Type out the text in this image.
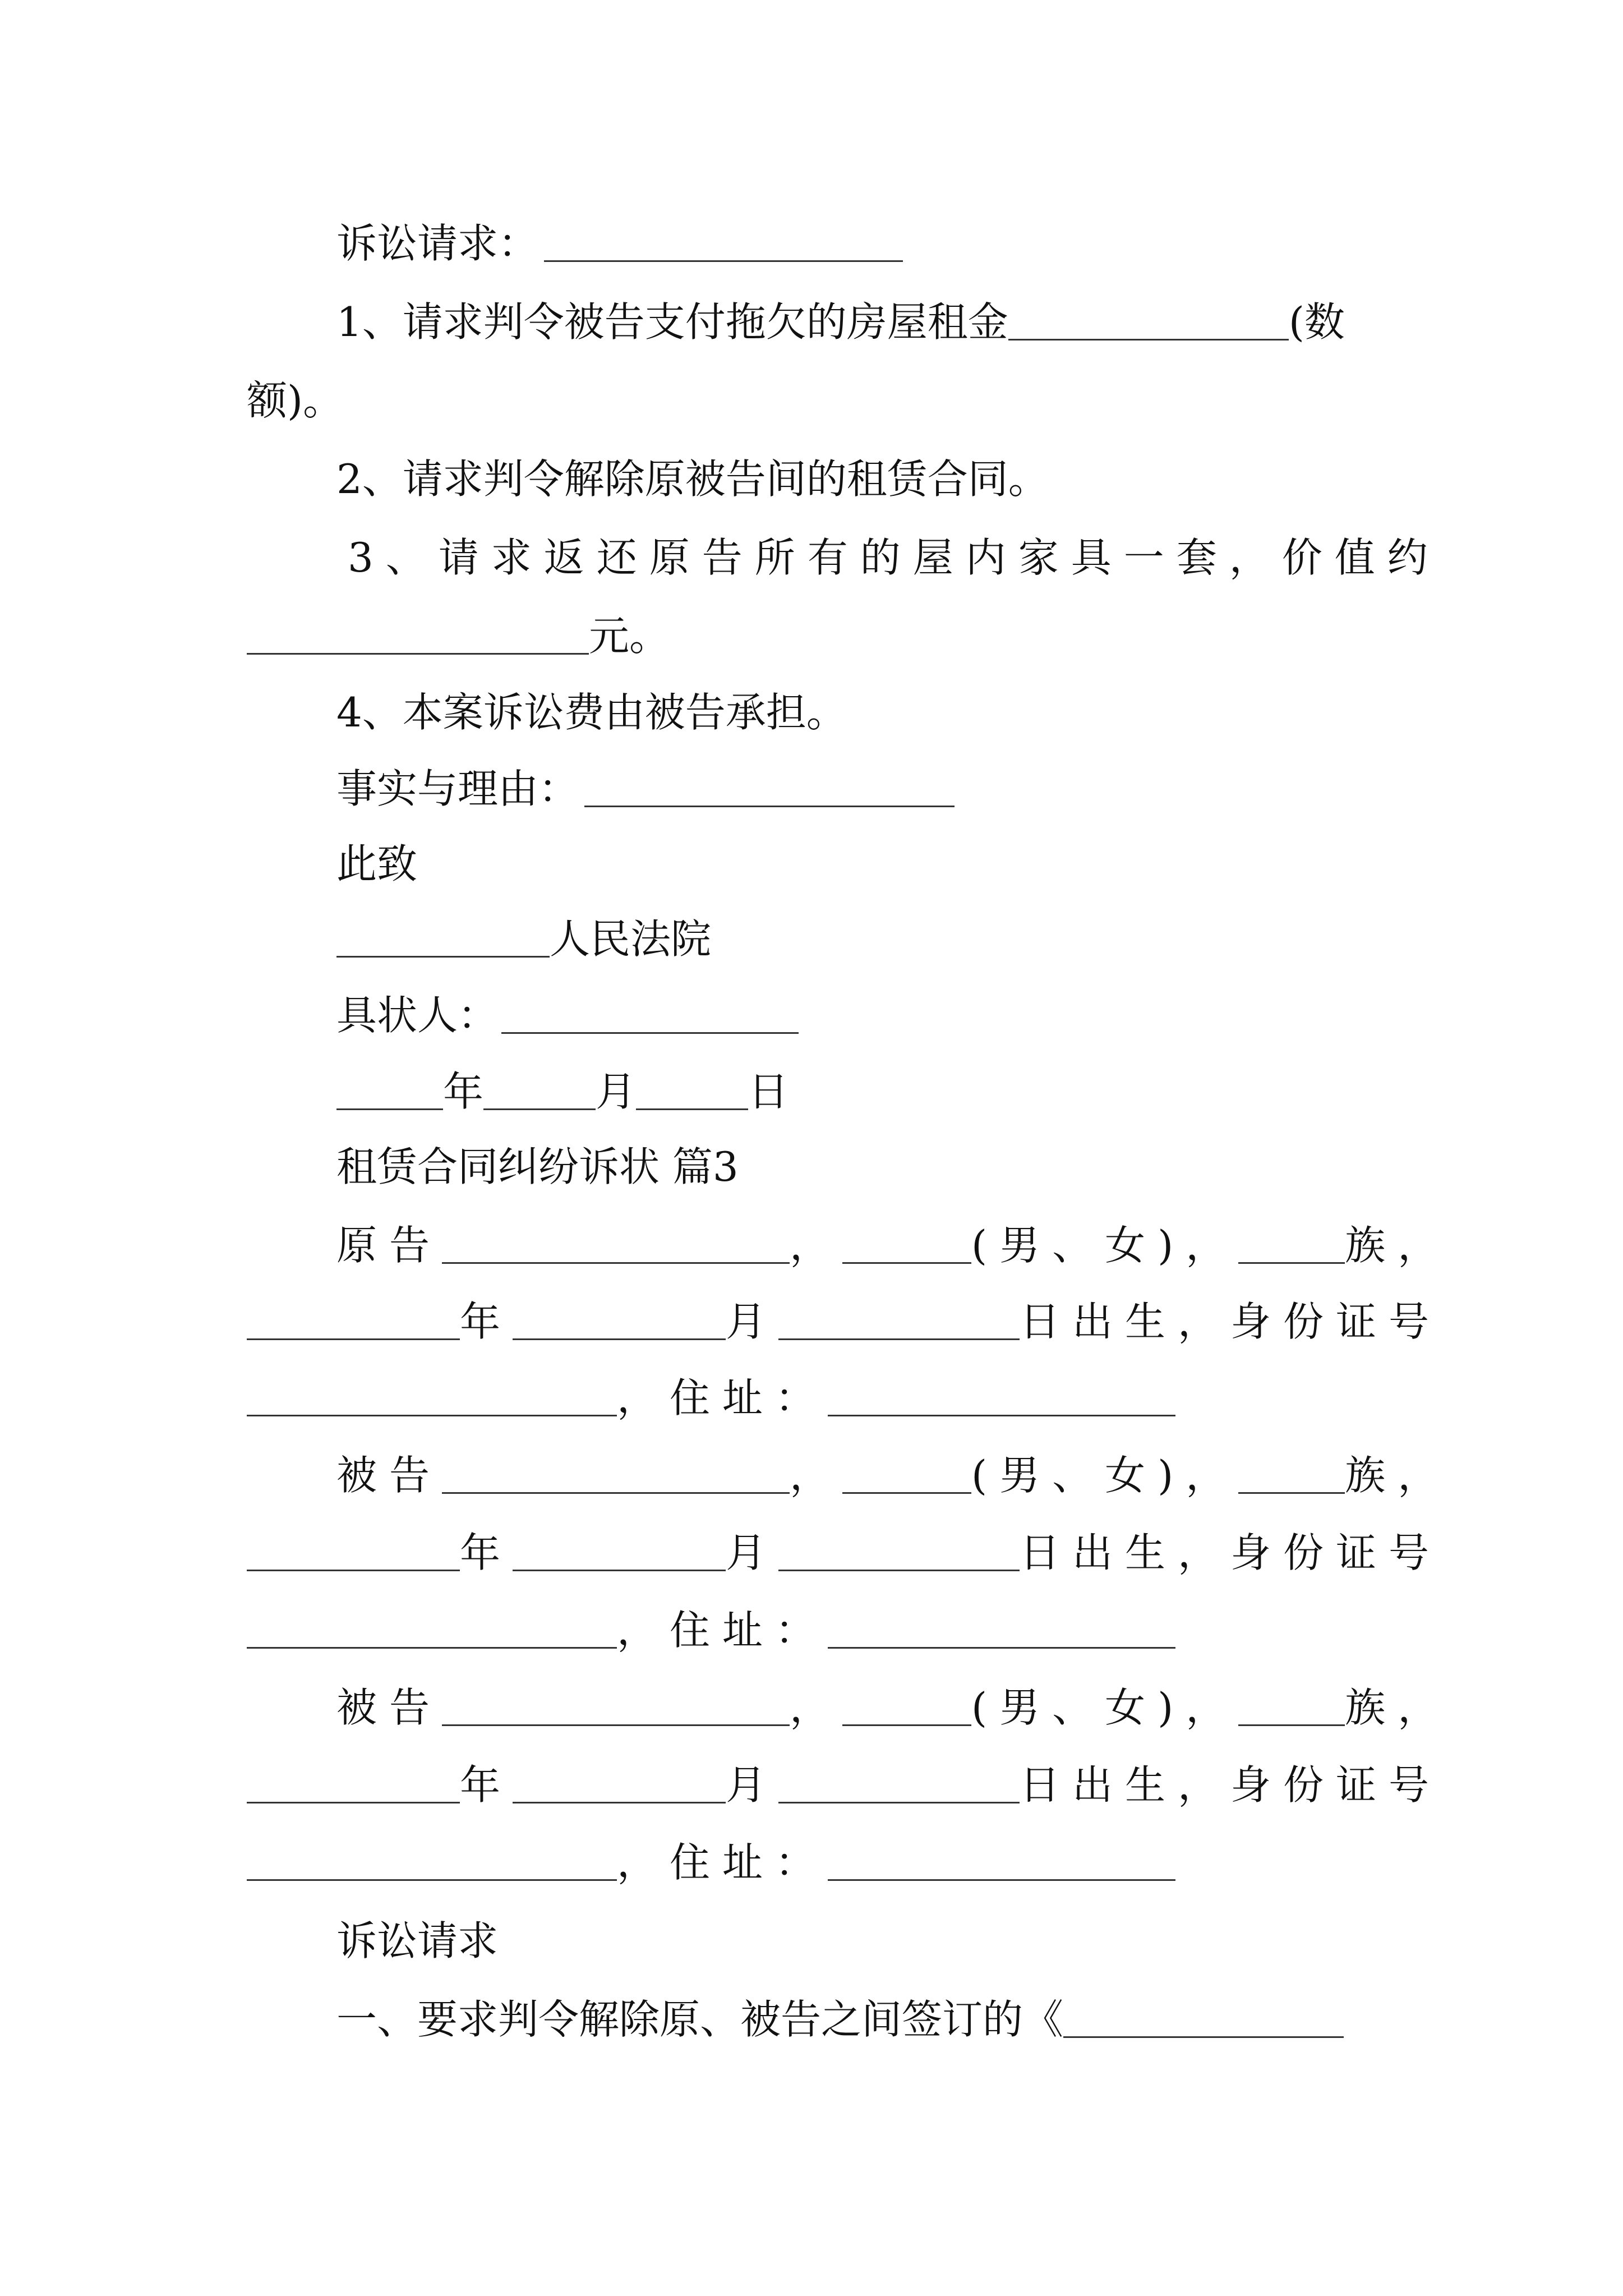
诉讼请求：
1、请求判令被告支付拖欠的房屋租金	(数
额)。
2、请求判令解除原被告间的租赁合同。
3、请求返还原告所有的屋内家具一套，价值约
元。
4、本案诉讼费由被告承担。
事实与理由：
此致
人民法院
具状人：
年	月	日
租赁合同纠纷诉状 篇3
原告	，	(男、女)，	族，
年	月	日出生，身份证号
，住址：
被告	，	(男、女)，	族，
年	月	日出生，身份证号
，住址：
被告	，	(男、女)，	族，
年	月	日出生，身份证号
，住址：
诉讼请求
一、要求判令解除原、被告之间签订的《
